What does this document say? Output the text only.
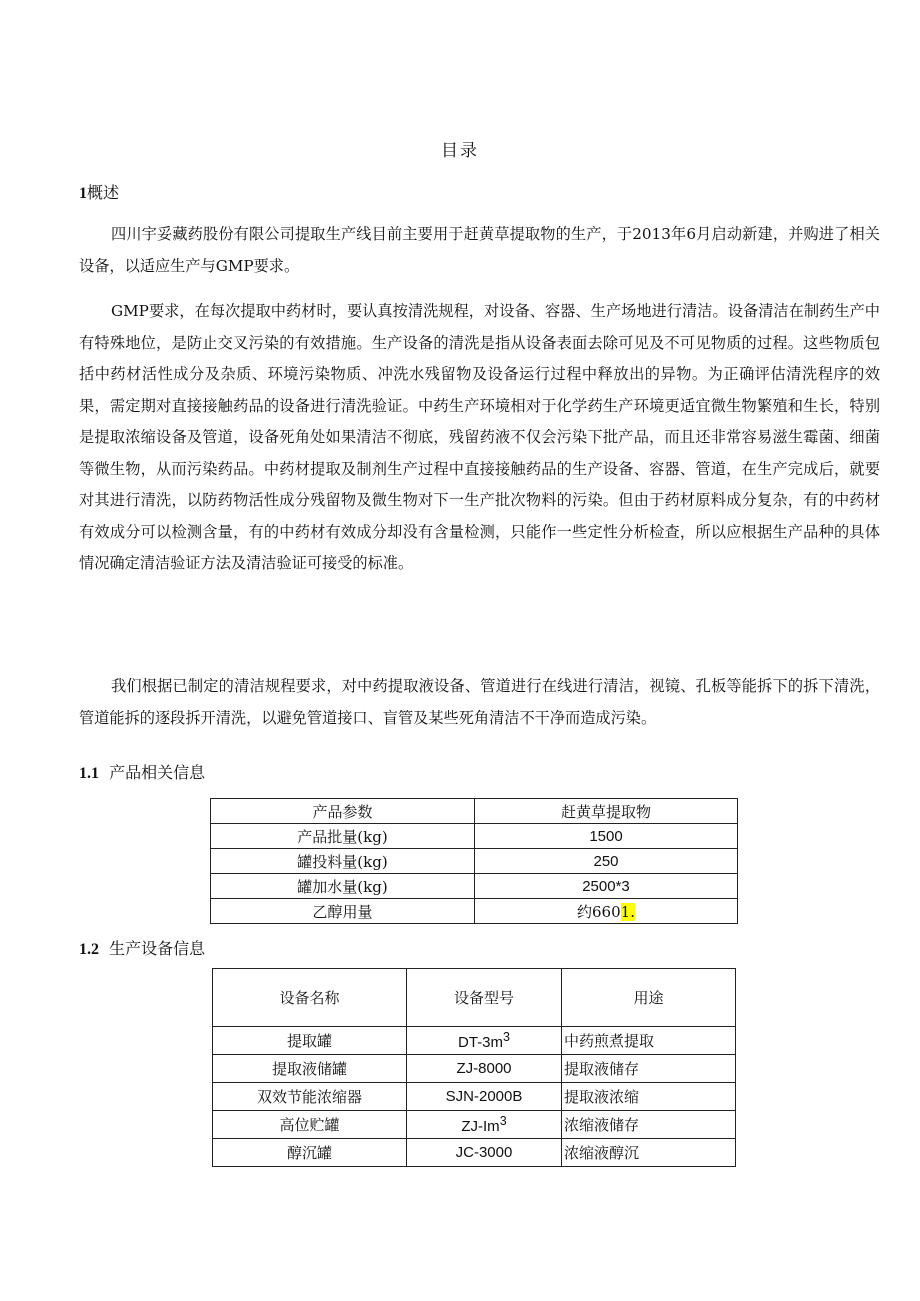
目录
1概述

四川宇妥藏药股份有限公司提取生产线目前主要用于赶黄草提取物的生产，于2013年6月启动新建，并购进了相关设备，以适应生产与GMP要求。

GMP要求，在每次提取中药材时，要认真按清洗规程，对设备、容器、生产场地进行清洁。设备清洁在制药生产中有特殊地位，是防止交叉污染的有效措施。生产设备的清洗是指从设备表面去除可见及不可见物质的过程。这些物质包括中药材活性成分及杂质、环境污染物质、冲洗水残留物及设备运行过程中释放出的异物。为正确评估清洗程序的效果，需定期对直接接触药品的设备进行清洗验证。中药生产环境相对于化学药生产环境更适宜微生物繁殖和生长，特别是提取浓缩设备及管道，设备死角处如果清洁不彻底，残留药液不仅会污染下批产品，而且还非常容易滋生霉菌、细菌等微生物，从而污染药品。中药材提取及制剂生产过程中直接接触药品的生产设备、容器、管道，在生产完成后，就要对其进行清洗，以防药物活性成分残留物及微生物对下一生产批次物料的污染。但由于药材原料成分复杂，有的中药材有效成分可以检测含量，有的中药材有效成分却没有含量检测，只能作一些定性分析检查，所以应根据生产品种的具体情况确定清洁验证方法及清洁验证可接受的标准。

我们根据已制定的清洁规程要求，对中药提取液设备、管道进行在线进行清洁，视镜、孔板等能拆下的拆下清洗，管道能拆的逐段拆开清洗，以避免管道接口、盲管及某些死角清洁不干净而造成污染。

1.1 产品相关信息
产品参数	赶黄草提取物
产品批量(kg)	1500
罐投料量(kg)	250
罐加水量(kg)	2500*3
乙醇用量	约6601.
1.2 生产设备信息
设备名称	设备型号	用途
提取罐	$DT-3m^3$	中药煎煮提取
提取液储罐	ZJ-8000	提取液储存
双效节能浓缩器	SJN-2000B	提取液浓缩
高位贮罐	ZJ-Im$^3$	浓缩液储存
醇沉罐	JC-3000	浓缩液醇沉
